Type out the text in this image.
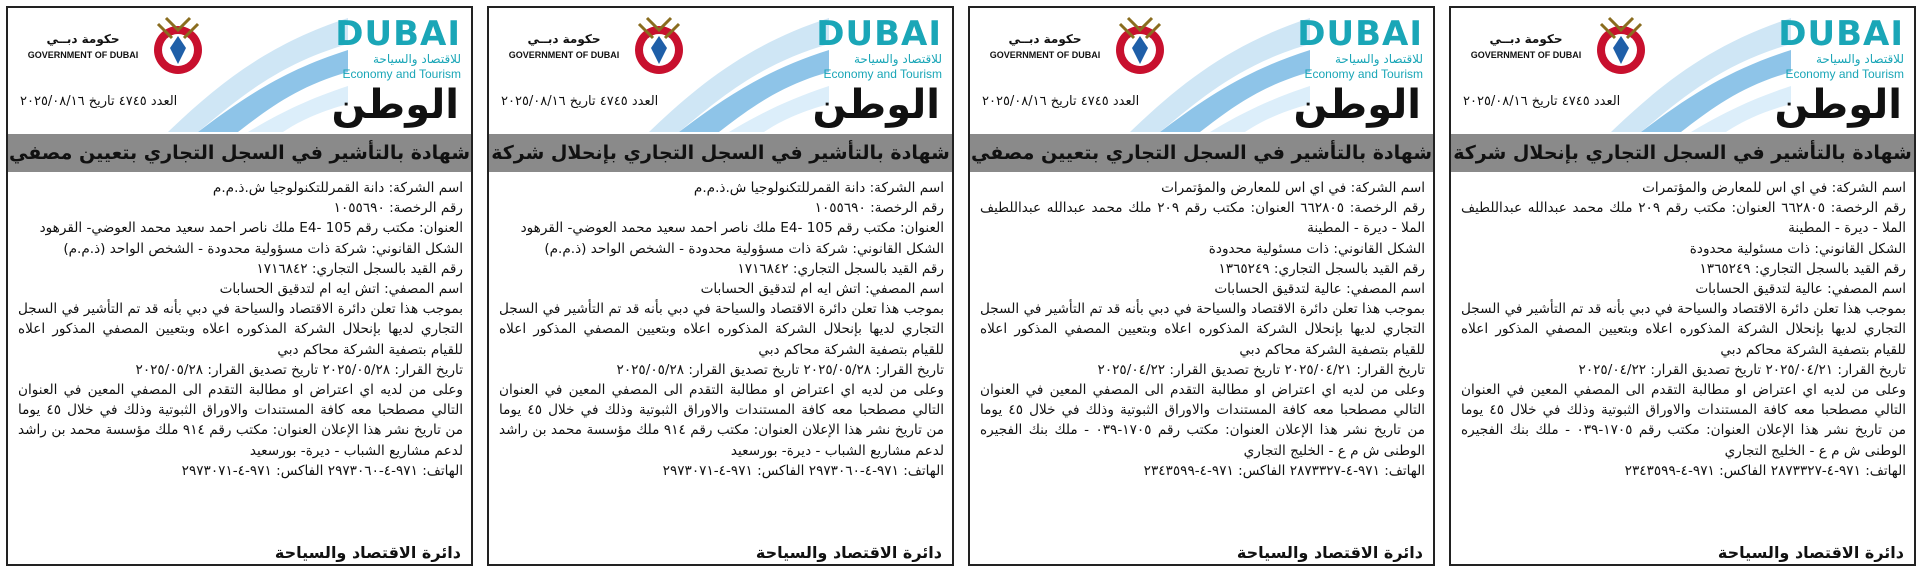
DUBAI
للاقتصاد والسياحة
Economy and Tourism
حكومة دبــي
GOVERNMENT OF DUBAI
الوطن
العدد ٤٧٤٥ تاريخ ٢٠٢٥/٠٨/١٦
شهادة بالتأشير في السجل التجاري بتعيين مصفي

اسم الشركة: دانة القمرللتكنولوجيا ش.ذ.م.م

رقم الرخصة: ١٠٥٥٦٩٠

العنوان: مكتب رقم 105 -E4 ملك ناصر احمد سعيد محمد العوضي- القرهود

الشكل القانوني: شركة ذات مسؤولية محدودة - الشخص الواحد (ذ.م.م)

رقم القيد بالسجل التجاري: ١٧١٦٨٤٢

اسم المصفي: اتش ايه ام لتدقيق الحسابات

بموجب هذا تعلن دائرة الاقتصاد والسياحة في دبي بأنه قد تم التأشير في السجل التجاري لديها بإنحلال الشركة المذكوره اعلاه وبتعيين المصفي المذكور اعلاه للقيام بتصفية الشركة محاكم دبي

تاريخ القرار: ٢٠٢٥/٠٥/٢٨ تاريخ تصديق القرار: ٢٠٢٥/٠٥/٢٨

وعلى من لديه اي اعتراض او مطالبة التقدم الى المصفي المعين في العنوان التالي مصطحبا معه كافة المستندات والاوراق الثبوتية وذلك في خلال ٤٥ يوما من تاريخ نشر هذا الإعلان العنوان: مكتب رقم ٩١٤ ملك مؤسسة محمد بن راشد لدعم مشاريع الشباب - ديرة- بورسعيد

الهاتف: ٩٧١-٤-٢٩٧٣٠٦٠ الفاكس: ٩٧١-٤-٢٩٧٣٠٧١

دائرة الاقتصاد والسياحة
DUBAI
للاقتصاد والسياحة
Economy and Tourism
حكومة دبــي
GOVERNMENT OF DUBAI
الوطن
العدد ٤٧٤٥ تاريخ ٢٠٢٥/٠٨/١٦
شهادة بالتأشير في السجل التجاري بإنحلال شركة

اسم الشركة: دانة القمرللتكنولوجيا ش.ذ.م.م

رقم الرخصة: ١٠٥٥٦٩٠

العنوان: مكتب رقم 105 -E4 ملك ناصر احمد سعيد محمد العوضي- القرهود

الشكل القانوني: شركة ذات مسؤولية محدودة - الشخص الواحد (ذ.م.م)

رقم القيد بالسجل التجاري: ١٧١٦٨٤٢

اسم المصفي: اتش ايه ام لتدقيق الحسابات

بموجب هذا تعلن دائرة الاقتصاد والسياحة في دبي بأنه قد تم التأشير في السجل التجاري لديها بإنحلال الشركة المذكوره اعلاه وبتعيين المصفي المذكور اعلاه للقيام بتصفية الشركة محاكم دبي

تاريخ القرار: ٢٠٢٥/٠٥/٢٨ تاريخ تصديق القرار: ٢٠٢٥/٠٥/٢٨

وعلى من لديه اي اعتراض او مطالبة التقدم الى المصفي المعين في العنوان التالي مصطحبا معه كافة المستندات والاوراق الثبوتية وذلك في خلال ٤٥ يوما من تاريخ نشر هذا الإعلان العنوان: مكتب رقم ٩١٤ ملك مؤسسة محمد بن راشد لدعم مشاريع الشباب - ديرة- بورسعيد

الهاتف: ٩٧١-٤-٢٩٧٣٠٦٠ الفاكس: ٩٧١-٤-٢٩٧٣٠٧١

دائرة الاقتصاد والسياحة
DUBAI
للاقتصاد والسياحة
Economy and Tourism
حكومة دبــي
GOVERNMENT OF DUBAI
الوطن
العدد ٤٧٤٥ تاريخ ٢٠٢٥/٠٨/١٦
شهادة بالتأشير في السجل التجاري بتعيين مصفي

اسم الشركة: في اي اس للمعارض والمؤتمرات

رقم الرخصة: ٦٦٢٨٠٥ العنوان: مكتب رقم ٢٠٩ ملك محمد عبدالله عبداللطيف الملا - ديرة - المطينة

الشكل القانوني: ذات مسئولية محدودة

رقم القيد بالسجل التجاري: ١٣٦٥٢٤٩

اسم المصفي: عالية لتدقيق الحسابات

بموجب هذا تعلن دائرة الاقتصاد والسياحة في دبي بأنه قد تم التأشير في السجل التجاري لديها بإنحلال الشركة المذكوره اعلاه وبتعيين المصفي المذكور اعلاه للقيام بتصفية الشركة محاكم دبي

تاريخ القرار: ٢٠٢٥/٠٤/٢١ تاريخ تصديق القرار: ٢٠٢٥/٠٤/٢٢

وعلى من لديه اي اعتراض او مطالبة التقدم الى المصفي المعين في العنوان التالي مصطحبا معه كافة المستندات والاوراق الثبوتية وذلك في خلال ٤٥ يوما من تاريخ نشر هذا الإعلان العنوان: مكتب رقم ١٧٠٥-٠٣٩ - ملك بنك الفجيره الوطنى ش م ع - الخليج التجاري

الهاتف: ٩٧١-٤-٢٨٧٣٣٢٧ الفاكس: ٩٧١-٤-٢٣٤٣٥٩٩

دائرة الاقتصاد والسياحة
DUBAI
للاقتصاد والسياحة
Economy and Tourism
حكومة دبــي
GOVERNMENT OF DUBAI
الوطن
العدد ٤٧٤٥ تاريخ ٢٠٢٥/٠٨/١٦
شهادة بالتأشير في السجل التجاري بإنحلال شركة

اسم الشركة: في اي اس للمعارض والمؤتمرات

رقم الرخصة: ٦٦٢٨٠٥ العنوان: مكتب رقم ٢٠٩ ملك محمد عبدالله عبداللطيف الملا - ديرة - المطينة

الشكل القانوني: ذات مسئولية محدودة

رقم القيد بالسجل التجاري: ١٣٦٥٢٤٩

اسم المصفي: عالية لتدقيق الحسابات

بموجب هذا تعلن دائرة الاقتصاد والسياحة في دبي بأنه قد تم التأشير في السجل التجاري لديها بإنحلال الشركة المذكوره اعلاه وبتعيين المصفي المذكور اعلاه للقيام بتصفية الشركة محاكم دبي

تاريخ القرار: ٢٠٢٥/٠٤/٢١ تاريخ تصديق القرار: ٢٠٢٥/٠٤/٢٢

وعلى من لديه اي اعتراض او مطالبة التقدم الى المصفي المعين في العنوان التالي مصطحبا معه كافة المستندات والاوراق الثبوتية وذلك في خلال ٤٥ يوما من تاريخ نشر هذا الإعلان العنوان: مكتب رقم ١٧٠٥-٠٣٩ - ملك بنك الفجيره الوطنى ش م ع - الخليج التجاري

الهاتف: ٩٧١-٤-٢٨٧٣٣٢٧ الفاكس: ٩٧١-٤-٢٣٤٣٥٩٩

دائرة الاقتصاد والسياحة
